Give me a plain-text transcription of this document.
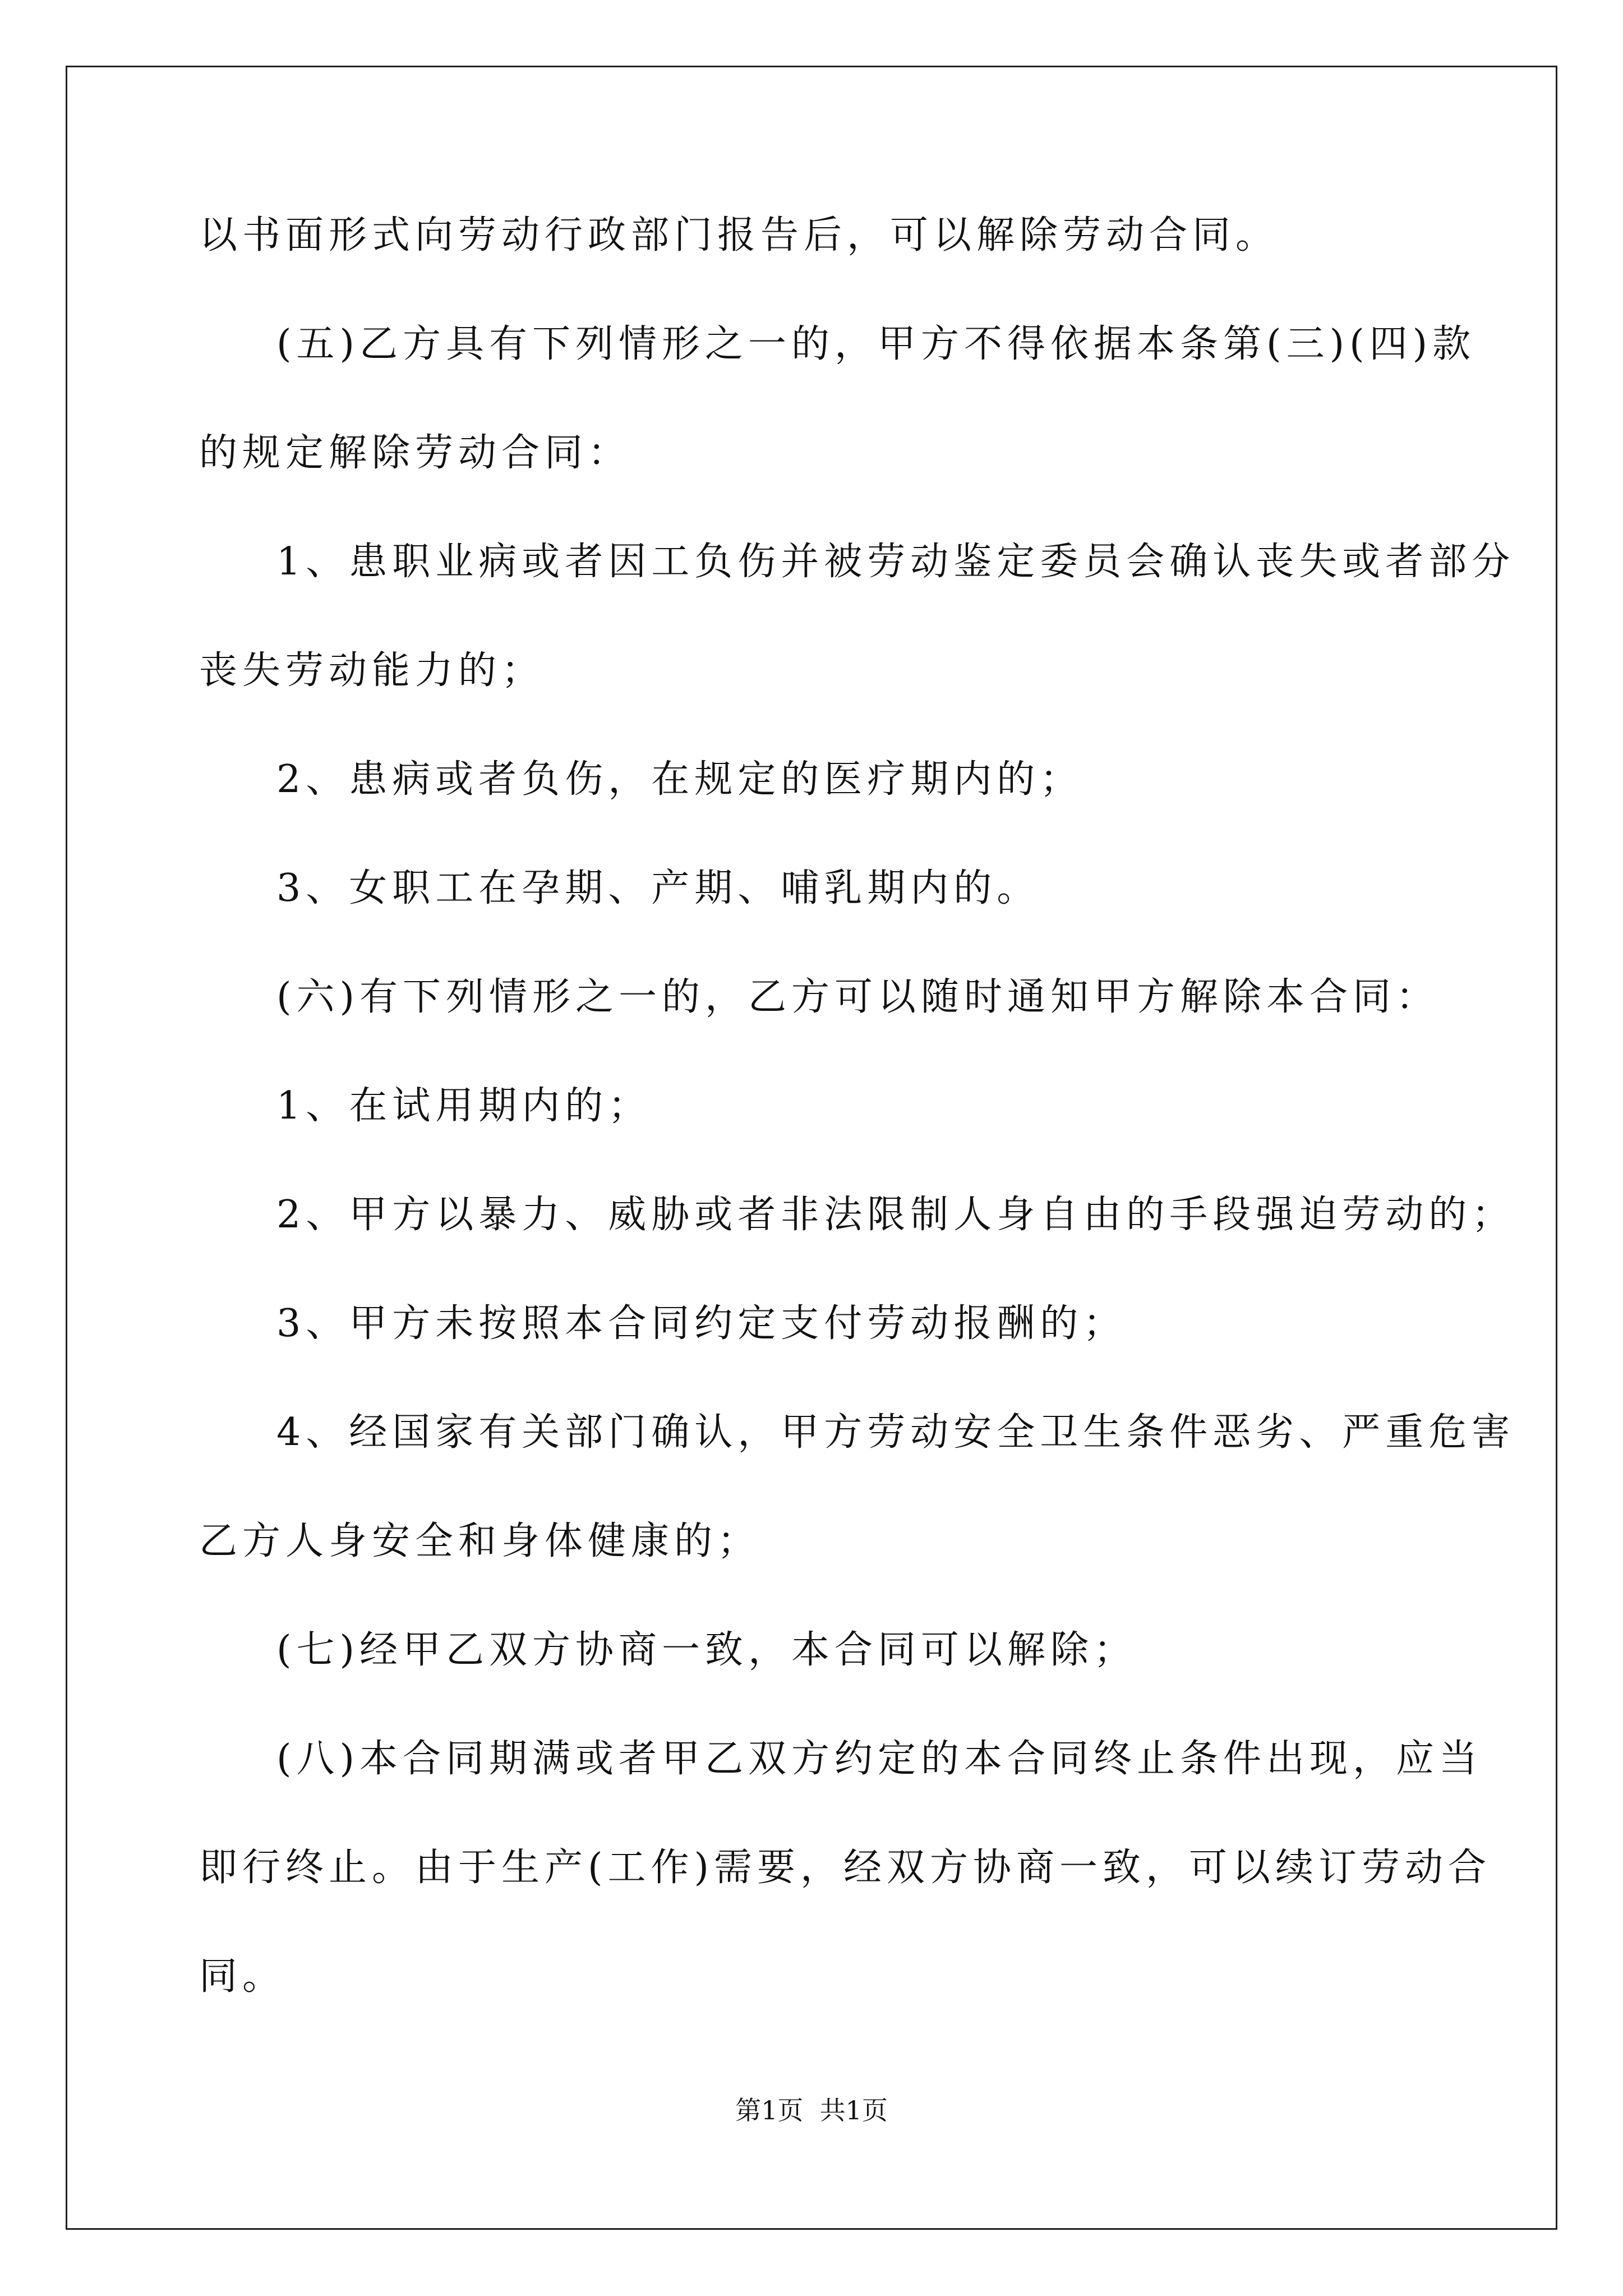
以书面形式向劳动行政部门报告后，可以解除劳动合同。
(五)乙方具有下列情形之一的，甲方不得依据本条第(三)(四)款
的规定解除劳动合同：
1、患职业病或者因工负伤并被劳动鉴定委员会确认丧失或者部分
丧失劳动能力的；
2、患病或者负伤，在规定的医疗期内的；
3、女职工在孕期、产期、哺乳期内的。
(六)有下列情形之一的，乙方可以随时通知甲方解除本合同：
1、在试用期内的；
2、甲方以暴力、威胁或者非法限制人身自由的手段强迫劳动的；
3、甲方未按照本合同约定支付劳动报酬的；
4、经国家有关部门确认，甲方劳动安全卫生条件恶劣、严重危害
乙方人身安全和身体健康的；
(七)经甲乙双方协商一致，本合同可以解除；
(八)本合同期满或者甲乙双方约定的本合同终止条件出现，应当
即行终止。由于生产(工作)需要，经双方协商一致，可以续订劳动合
同。
第1页  共1页
